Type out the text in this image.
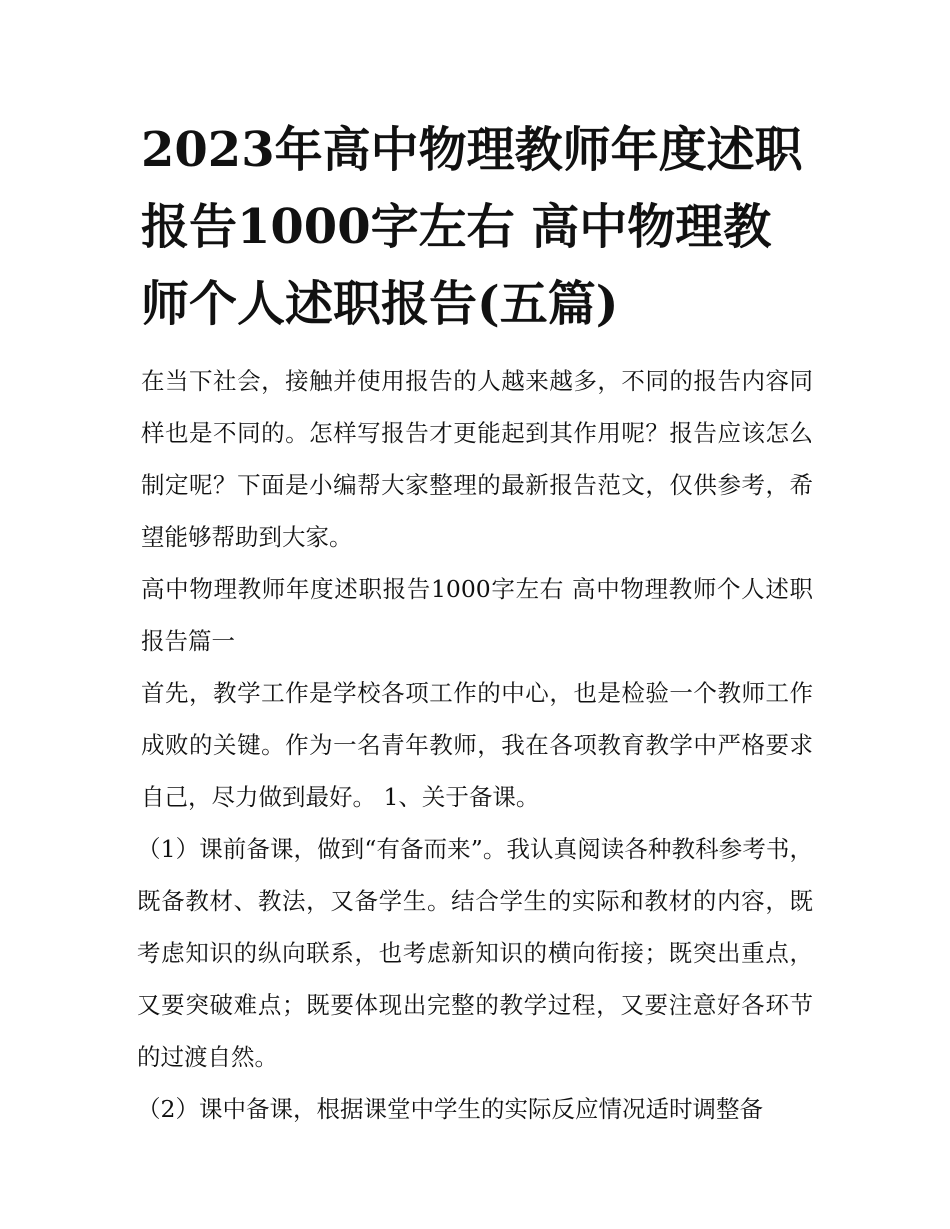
2023年高中物理教师年度述职报告1000字左右 高中物理教师个人述职报告(五篇)

在当下社会，接触并使用报告的人越来越多，不同的报告内容同样也是不同的。怎样写报告才更能起到其作用呢？报告应该怎么制定呢？下面是小编帮大家整理的最新报告范文，仅供参考，希望能够帮助到大家。

高中物理教师年度述职报告1000字左右 高中物理教师个人述职报告篇一

首先，教学工作是学校各项工作的中心，也是检验一个教师工作成败的关键。作为一名青年教师，我在各项教育教学中严格要求自己，尽力做到最好。 1、关于备课。

（1）课前备课，做到“有备而来”。我认真阅读各种教科参考书，既备教材、教法，又备学生。结合学生的实际和教材的内容，既考虑知识的纵向联系，也考虑新知识的横向衔接；既突出重点，又要突破难点；既要体现出完整的教学过程，又要注意好各环节的过渡自然。

（2）课中备课，根据课堂中学生的实际反应情况适时调整备
